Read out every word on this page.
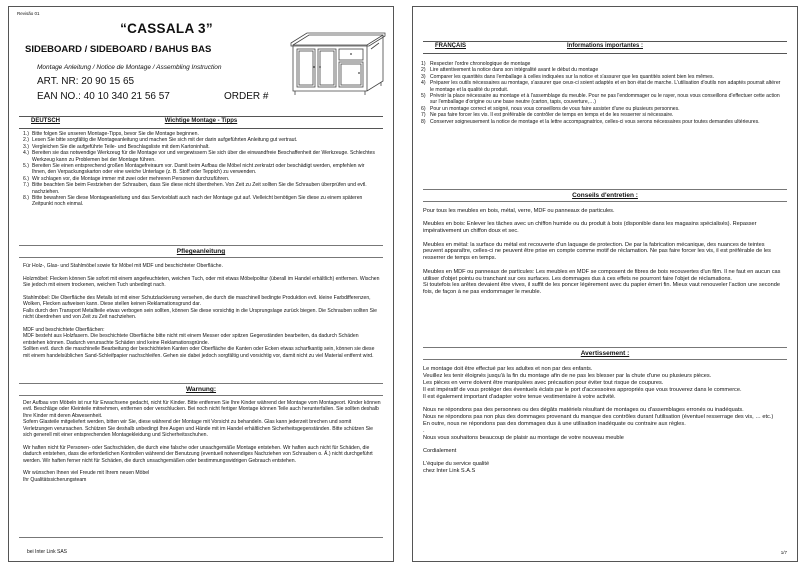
Revisão 01
“CASSALA 3”
SIDEBOARD / SIDEBOARD / BAHUS BAS
Montage Anleitung / Notice de Montage / Assembling Instruction
ART. NR: 20 90 15 65
EAN NO.: 40 10 340 21 56 57	ORDER #
DEUTSCH	Wichtige Montage - Tipps
1.) Bitte folgen Sie unseren Montage-Tipps, bevor Sie die Montage beginnen.
2.) Lesen Sie bitte sorgfältig die Montageanleitung und machen Sie sich mit der darin aufgeführten Anleitung gut vertraut.
3.) Vergleichen Sie die aufgeführte Teile- und Beschlagsliste mit dem Kartoninhalt.
4.) Bereiten sie das notwendige Werkzeug für die Montage vor und vergewissern Sie sich über die einwandfreie Beschaffenheit der Werkzeuge. Schlechtes Werkzeug kann zu Problemen bei der Montage führen.
5.) Bereiten Sie einen entsprechend großen Montagefreiraum vor. Damit beim Aufbau die Möbel nicht zerkratzt oder beschädigt werden, empfehlen wir Ihnen, den Verpackungskarton oder eine weiche Unterlage (z. B. Stoff oder Teppich) zu verwenden.
6.) Wir schlagen vor, die Montage immer mit zwei oder mehreren Personen durchzuführen.
7.) Bitte beachten Sie beim Festziehen der Schrauben, dass Sie diese nicht überdrehen. Von Zeit zu Zeit sollten Sie die Schrauben überprüfen und evtl. nachziehen.
8.) Bitte bewahren Sie diese Montageanleitung und das Serviceblatt auch nach der Montage gut auf. Vielleicht benötigen Sie diese zu einem späteren Zeitpunkt noch einmal.
Pflegeanleitung

Für Holz-, Glas- und Stahlmöbel sowie für Möbel mit MDF und beschichteter Oberfläche.

Holzmöbel: Flecken können Sie sofort mit einem angefeuchteten, weichen Tuch, oder mit etwas Möbelpolitur (überall im Handel erhältlich) entfernen. Wischen Sie jedoch mit einem trockenen, weichen Tuch unbedingt nach.

Stahlmöbel: Die Oberfläche des Metalls ist mit einer Schutzlackierung versehen, die durch die maschinell bedingte Produktion evtl. kleine Farbdifferenzen, Wolken, Flecken aufweisen kann. Diese stellen keinen Reklamationsgrund dar.

Falls durch den Transport Metallteile etwas verbogen sein sollten, können Sie diese vorsichtig in die Ursprungslage zurück biegen. Die Schrauben sollten Sie nicht überdrehen und von Zeit zu Zeit nachziehen.

MDF und beschichtete Oberflächen:

MDF besteht aus Holzfasern. Die beschichtete Oberfläche bitte nicht mit einem Messer oder spitzen Gegenständen bearbeiten, da dadurch Schäden entstehen können. Dadurch verursachte Schäden sind keine Reklamationsgründe.

Sollten evtl. durch die maschinelle Bearbeitung der beschichteten Kanten oder Oberfläche die Kanten oder Ecken etwas scharfkantig sein, können sie diese mit einem handelsüblichen Sand-Schleifpapier nachschleifen. Gehen sie dabei jedoch sorgfältig und vorsichtig vor, damit nicht zu viel Material entfernt wird.

Warnung:

Der Aufbau von Möbeln ist nur für Erwachsene gedacht, nicht für Kinder. Bitte entfernen Sie Ihre Kinder während der Montage vom Montageort. Kinder können evtl. Beschläge oder Kleinteile mitnehmen, entfernen oder verschlucken. Bei noch nicht fertiger Montage können Teile auch herunterfallen. Sie sollten deshalb Ihre Kinder mit deren Abwesenheit.

Sofern Glasteile mitgeliefert werden, bitten wir Sie, diese während der Montage mit Vorsicht zu behandeln. Glas kann jederzeit brechen und somit Verletzungen verursachen. Schützen Sie deshalb unbedingt Ihre Augen und Hände mit im Handel erhältlichen Sicherheitsgegenständen. Bitte schützen Sie sich generell mit einer entsprechenden Montagekleidung und Sicherheitsschuhen.

Wir haften nicht für Personen- oder Sachschäden, die durch eine falsche oder unsachgemäße Montage entstehen. Wir haften auch nicht für Schäden, die dadurch entstehen, dass die erforderlichen Kontrollen während der Benutzung (eventuell notwendiges Nachziehen von Schrauben o. Ä.) nicht durchgeführt werden. Wir haften ferner nicht für Schäden, die durch unsachgemäßen oder bestimmungswidrigen Gebrauch entstehen.

Wir wünschen Ihnen viel Freude mit Ihrem neuen Möbel

Ihr Qualitätssicherungsteam

bei Inter Link SAS
FRANÇAIS	Informations importantes :
1) Respecter l'ordre chronologique de montage
2) Lire attentivement la notice dans son intégralité avant le début du montage
3) Comparer les quantités dans l'emballage à celles indiquées sur la notice et s'assurer que les quantités soient bien les mêmes.
4) Préparer les outils nécessaires au montage, s'assurer que ceux-ci soient adaptés et en bon état de marche. L'utilisation d'outils non adaptés pourrait altérer le montage et la qualité du produit.
5) Prévoir la place nécessaire au montage et à l'assemblage du meuble. Pour ne pas l'endommager ou le rayer, nous vous conseillons d'effectuer cette action sur l'emballage d'origine ou une base neutre (carton, tapis, couverture,…)
6) Pour un montage correct et soigné, nous vous conseillons de vous faire assister d'une ou plusieurs personnes.
7) Ne pas faire forcer les vis. Il est préférable de contrôler de temps en temps et de les resserrer si nécessaire.
8) Conserver soigneusement la notice de montage et la lettre accompagnatrice, celles-ci vous serons nécessaires pour toutes demandes ultérieures.
Conseils d'entretien :

Pour tous les meubles en bois, métal, verre, MDF ou panneaux de particules.

Meubles en bois: Enlever les tâches avec un chiffon humide ou du produit à bois (disponible dans les magasins spécialisés). Repasser impérativement un chiffon doux et sec.

Meubles en métal: la surface du métal est recouverte d'un laquage de protection. De par la fabrication mécanique, des nuances de teintes peuvent apparaître, celles-ci ne peuvent être prise en compte comme motif de réclamation. Ne pas faire forcer les vis, il est préférable de les resserrer de temps en temps.

Meubles en MDF ou panneaux de particules: Les meubles en MDF se composent de fibres de bois recouvertes d'un film. Il ne faut en aucun cas utiliser d'objet pointu ou tranchant sur ces surfaces. Les dommages dus à ces effets ne pourront faire l'objet de réclamations.

Si toutefois les arêtes devaient être vives, il suffit de les poncer légèrement avec du papier émeri fin. Mieux vaut renouveler l'action une seconde fois, de façon à ne pas endommager le meuble.

Avertissement :

Le montage doit être effectué par les adultes et non par des enfants.

Veuillez les tenir éloignés jusqu'à la fin du montage afin de ne pas les blesser par la chute d'une ou plusieurs pièces.

Les pièces en verre doivent être manipulées avec précaution pour éviter tout risque de coupures.

Il est impératif de vous protéger des éventuels éclats par le port d'accessoires appropriés que vous trouverez dans le commerce.

Il est également important d'adapter votre tenue vestimentaire à votre activité.

Nous ne répondons pas des personnes ou des dégâts matériels résultant de montages ou d'assemblages erronés ou inadéquats.

Nous ne répondons pas non plus des dommages provenant du manque des contrôles durant l'utilisation (éventuel resserrage des vis, … etc.)

En outre, nous ne répondons pas des dommages dus à une utilisation inadéquate ou contraire aux règles.

.

Nous vous souhaitons beaucoup de plaisir au montage de votre nouveau meuble

Cordialement

L'équipe du service qualité

chez Inter Link S.A.S

1/7
